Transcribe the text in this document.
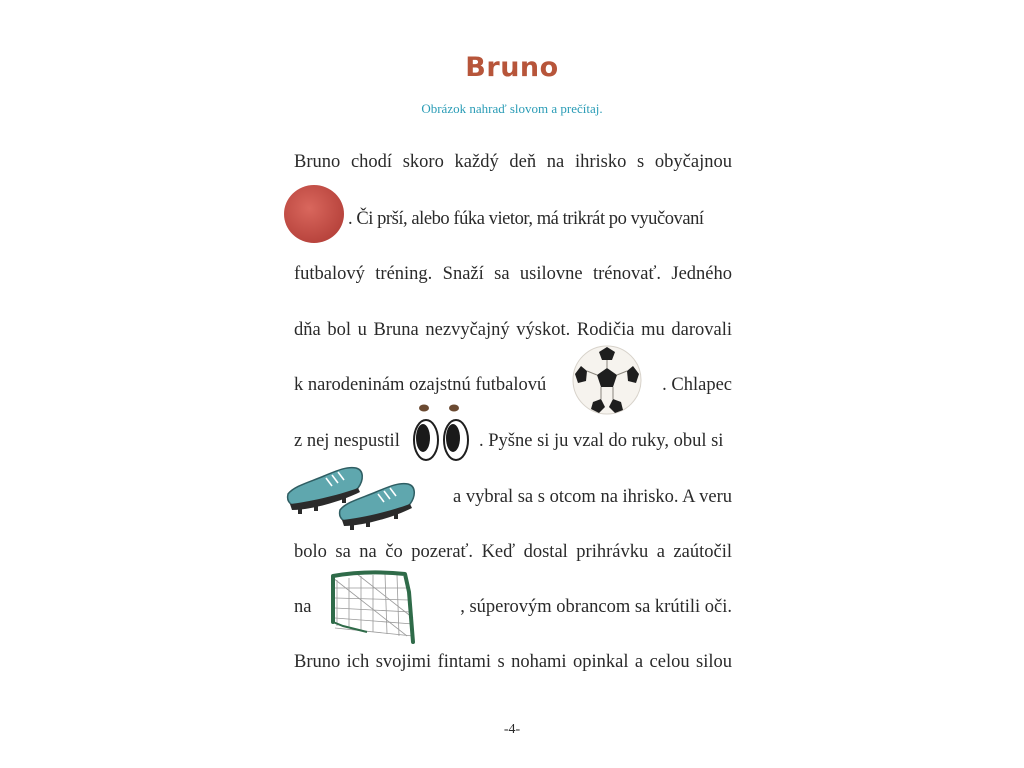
Bruno
Obrázok nahraď slovom a prečítaj.
Bruno chodí skoro každý deň na ihrisko s obyčajnou
. Či prší, alebo fúka vietor, má trikrát po vyučovaní
futbalový tréning. Snaží sa usilovne trénovať. Jedného
dňa bol u Bruna nezvyčajný výskot. Rodičia mu darovali
k narodeninám ozajstnú futbalovú	. Chlapec
z nej nespustil	. Pyšne si ju vzal do ruky, obul si
a vybral sa s otcom na ihrisko. A veru
bolo sa na čo pozerať. Keď dostal prihrávku a zaútočil
na	, súperovým obrancom sa krútili oči.
Bruno ich svojimi fintami s nohami opinkal a celou silou
-4-
